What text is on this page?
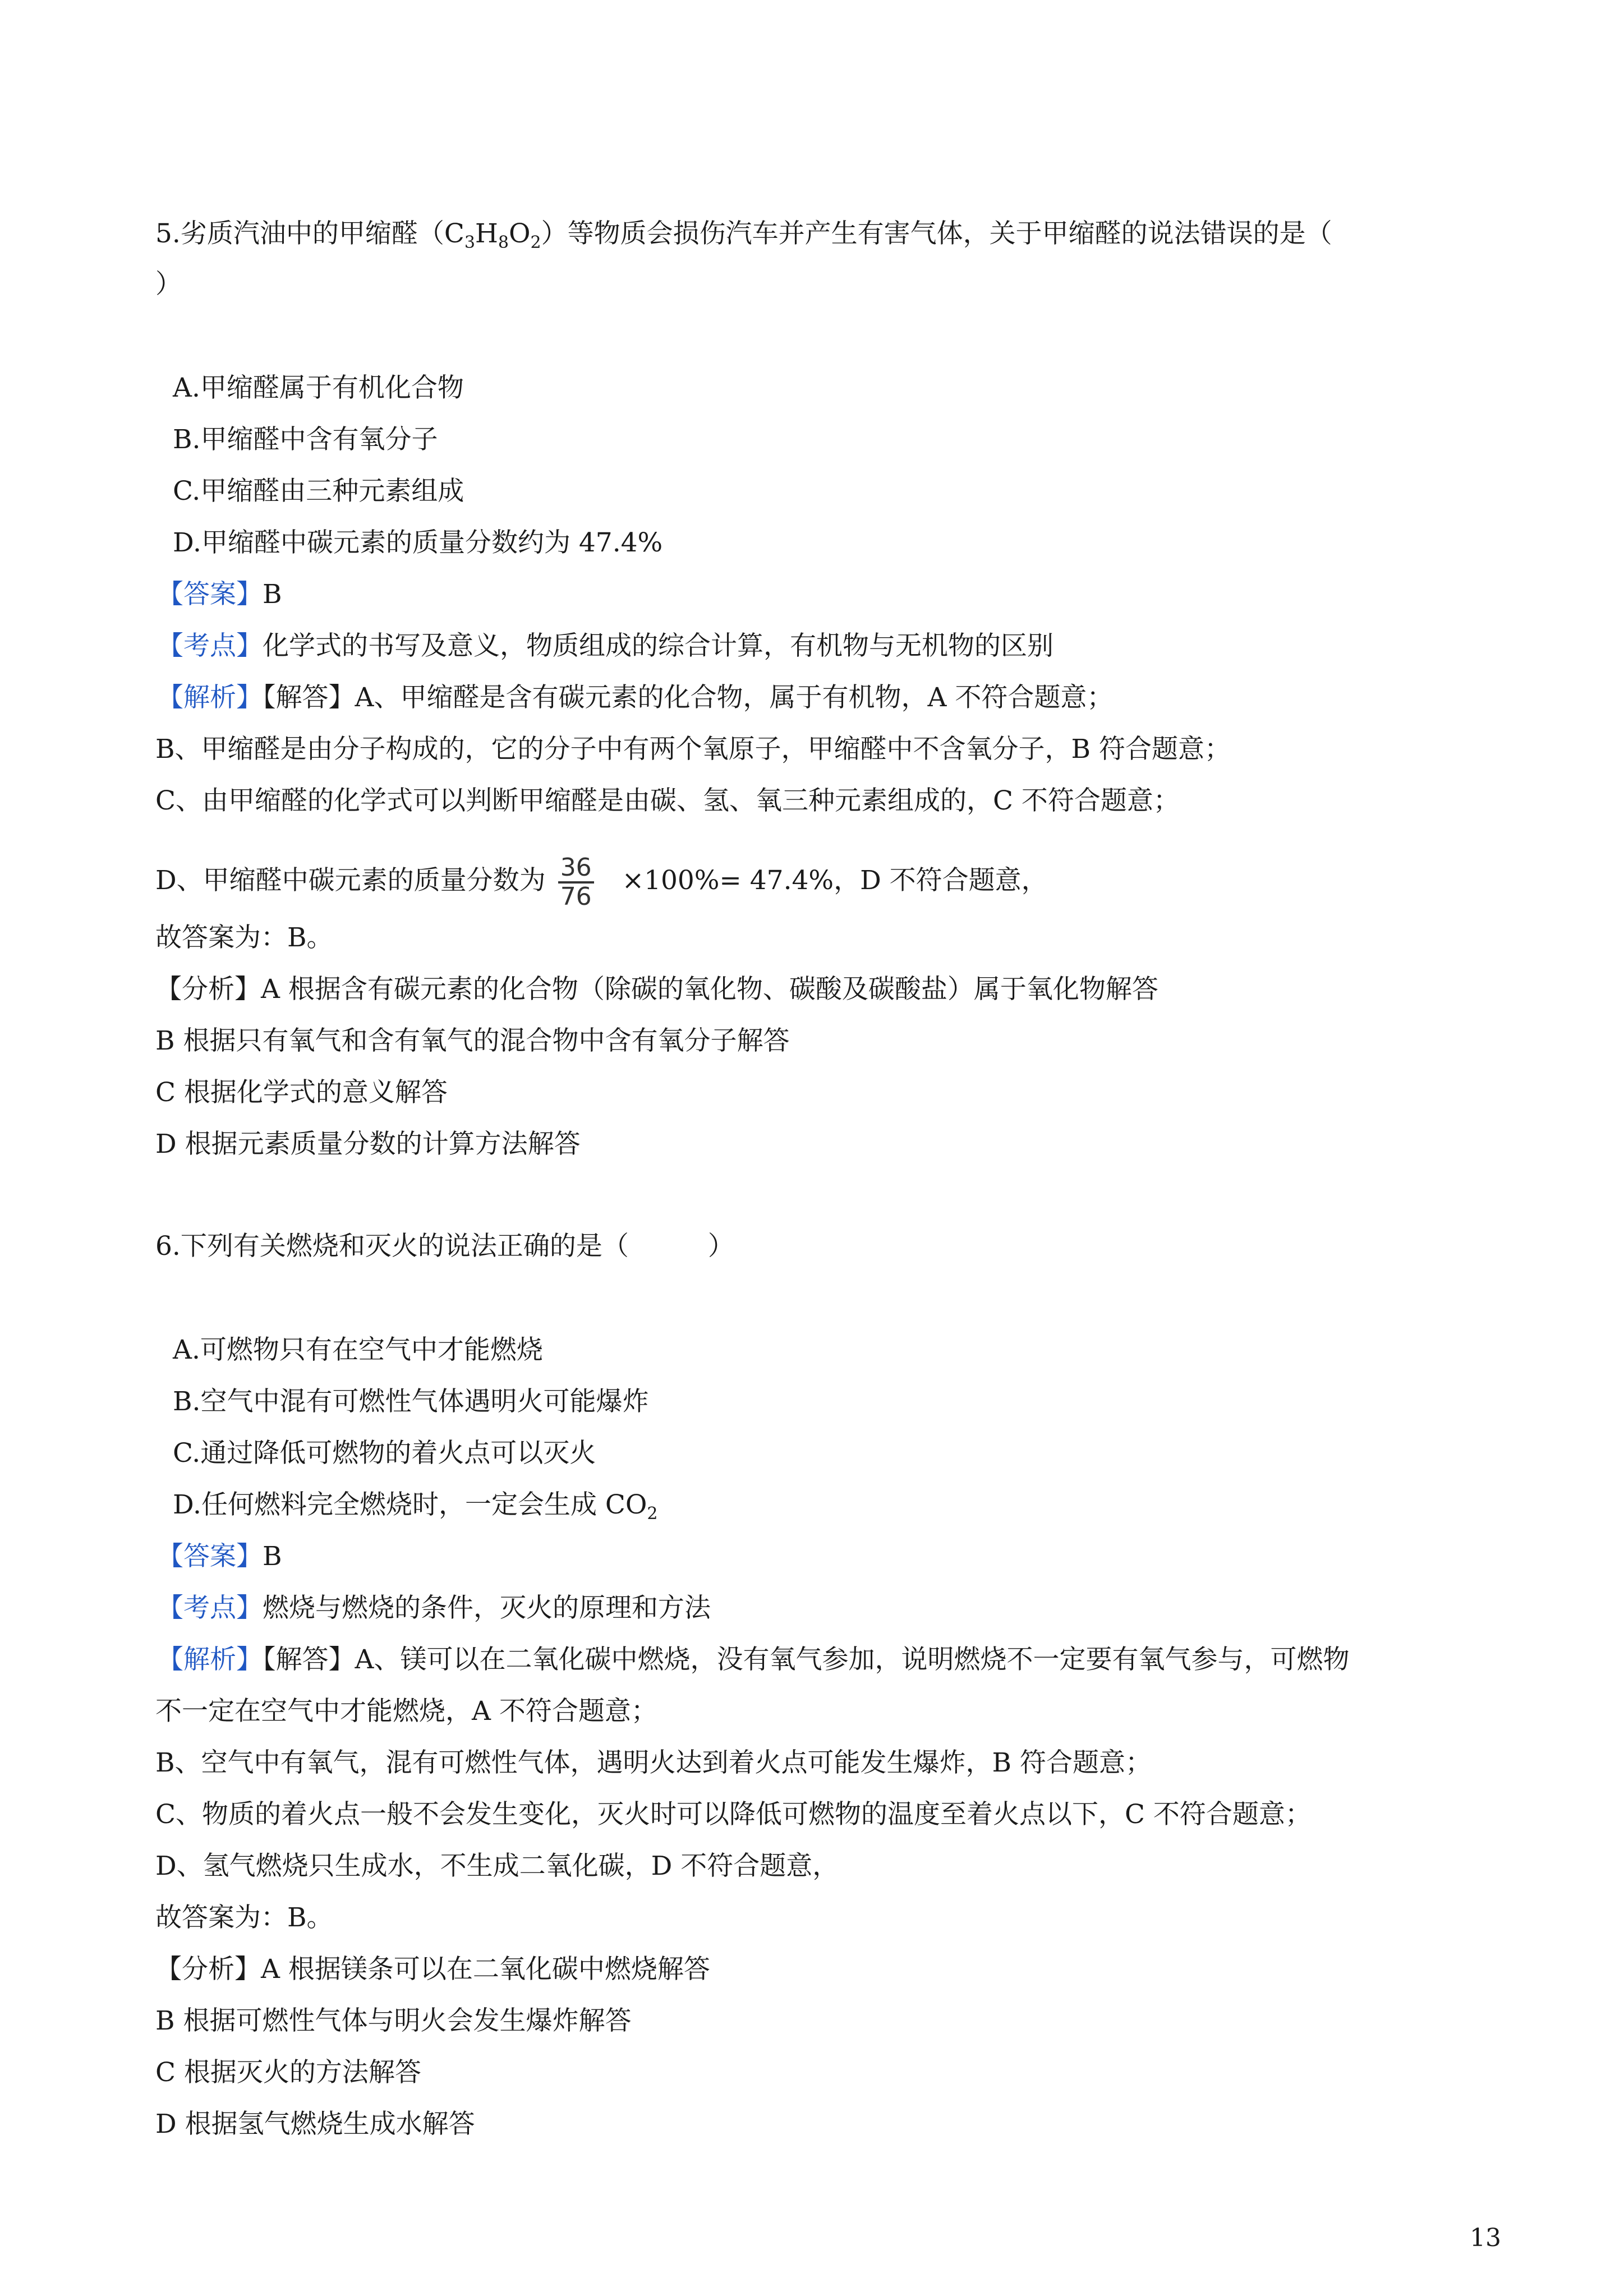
5.劣质汽油中的甲缩醛$(C_3H_8O_2)$等物质会损伤汽车并产生有害气体，关于甲缩醛的说法错误的是（
）
A.甲缩醛属于有机化合物
B.甲缩醛中含有氧分子
C.甲缩醛由三种元素组成
D.甲缩醛中碳元素的质量分数约为 47.4%
【答案】B
【考点】化学式的书写及意义，物质组成的综合计算，有机物与无机物的区别
【解析】【解答】A、甲缩醛是含有碳元素的化合物，属于有机物，A 不符合题意；
B、甲缩醛是由分子构成的，它的分子中有两个氧原子，甲缩醛中不含氧分子，B 符合题意；
C、由甲缩醛的化学式可以判断甲缩醛是由碳、氢、氧三种元素组成的，C 不符合题意；
D、甲缩醛中碳元素的质量分数为 $\frac{36}{76} \times 100\%= 47.4\%$，D 不符合题意，
故答案为：B。
【分析】A 根据含有碳元素的化合物（除碳的氧化物、碳酸及碳酸盐）属于氧化物解答
B 根据只有氧气和含有氧气的混合物中含有氧分子解答
C 根据化学式的意义解答
D 根据元素质量分数的计算方法解答
6.下列有关燃烧和灭火的说法正确的是（　　　）
A.可燃物只有在空气中才能燃烧
B.空气中混有可燃性气体遇明火可能爆炸
C.通过降低可燃物的着火点可以灭火
D.任何燃料完全燃烧时，一定会生成 $CO_2$
【答案】B
【考点】燃烧与燃烧的条件，灭火的原理和方法
【解析】【解答】A、镁可以在二氧化碳中燃烧，没有氧气参加，说明燃烧不一定要有氧气参与，可燃物
不一定在空气中才能燃烧，A 不符合题意；
B、空气中有氧气，混有可燃性气体，遇明火达到着火点可能发生爆炸，B 符合题意；
C、物质的着火点一般不会发生变化，灭火时可以降低可燃物的温度至着火点以下，C 不符合题意；
D、氢气燃烧只生成水，不生成二氧化碳，D 不符合题意，
故答案为：B。
【分析】A 根据镁条可以在二氧化碳中燃烧解答
B 根据可燃性气体与明火会发生爆炸解答
C 根据灭火的方法解答
D 根据氢气燃烧生成水解答
13
